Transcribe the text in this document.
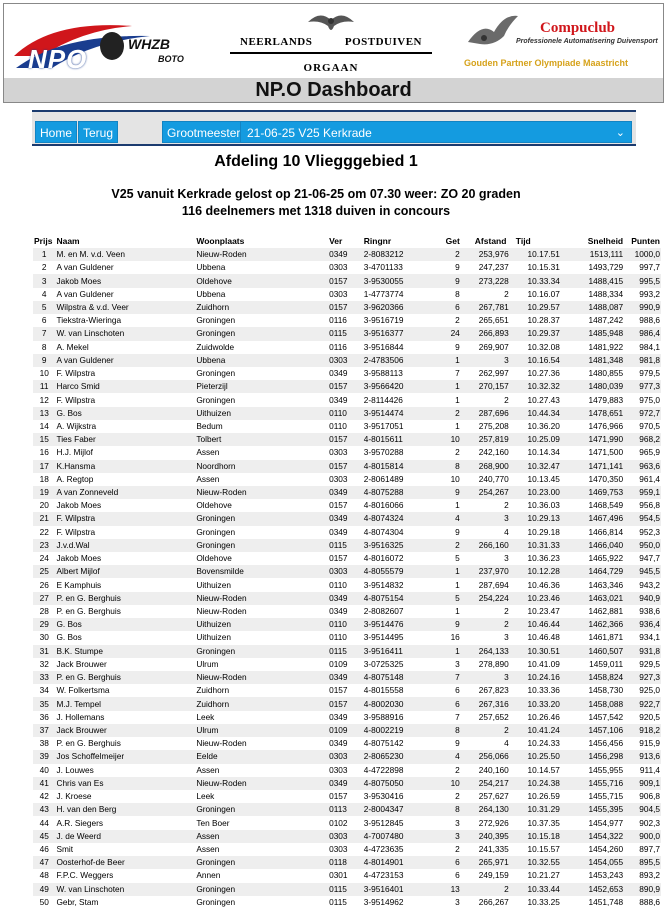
NPO	WHZB
BOTO
NEERLANDS	POSTDUIVEN
ORGAAN
Compuclub
Professionele Automatisering Duivensport
Gouden Partner Olympiade Maastricht
NP.O Dashboard
Home Terug	Grootmeester 21-06-25 V25 Kerkrade	⌄
Afdeling 10 Vliegggebied 1
V25 vanuit Kerkrade gelost op 21-06-25 om 07.30 weer: ZO 20 graden
116 deelnemers met 1318 duiven in concours
Prijs	Naam	Woonplaats	Ver	Ringnr	Get	Afstand	Tijd	Snelheid	Punten
1	M. en M. v.d. Veen	Nieuw-Roden	0349	2-8083212	2	253,976	10.17.51	1513,111	1000,0
2	A van Guldener	Ubbena	0303	3-4701133	9	247,237	10.15.31	1493,729	997,7
3	Jakob Moes	Oldehove	0157	3-9530055	9	273,228	10.33.34	1488,415	995,5
4	A van Guldener	Ubbena	0303	1-4773774	8	2	10.16.07	1488,334	993,2
5	Wilpstra & v.d. Veer	Zuidhorn	0157	3-9620366	6	267,781	10.29.57	1488,087	990,9
6	Tiekstra-Wieringa	Groningen	0116	3-9516719	2	265,651	10.28.37	1487,242	988,6
7	W. van Linschoten	Groningen	0115	3-9516377	24	266,893	10.29.37	1485,948	986,4
8	A. Mekel	Zuidwolde	0116	3-9516844	9	269,907	10.32.08	1481,922	984,1
9	A van Guldener	Ubbena	0303	2-4783506	1	3	10.16.54	1481,348	981,8
10	F. Wilpstra	Groningen	0349	3-9588113	7	262,997	10.27.36	1480,855	979,5
11	Harco Smid	Pieterzijl	0157	3-9566420	1	270,157	10.32.32	1480,039	977,3
12	F. Wilpstra	Groningen	0349	2-8114426	1	2	10.27.43	1479,883	975,0
13	G. Bos	Uithuizen	0110	3-9514474	2	287,696	10.44.34	1478,651	972,7
14	A. Wijkstra	Bedum	0110	3-9517051	1	275,208	10.36.20	1476,966	970,5
15	Ties Faber	Tolbert	0157	4-8015611	10	257,819	10.25.09	1471,990	968,2
16	H.J. Mijlof	Assen	0303	3-9570288	2	242,160	10.14.34	1471,500	965,9
17	K.Hansma	Noordhorn	0157	4-8015814	8	268,900	10.32.47	1471,141	963,6
18	A. Regtop	Assen	0303	2-8061489	10	240,770	10.13.45	1470,350	961,4
19	A van Zonneveld	Nieuw-Roden	0349	4-8075288	9	254,267	10.23.00	1469,753	959,1
20	Jakob Moes	Oldehove	0157	4-8016066	1	2	10.36.03	1468,549	956,8
21	F. Wilpstra	Groningen	0349	4-8074324	4	3	10.29.13	1467,496	954,5
22	F. Wilpstra	Groningen	0349	4-8074304	9	4	10.29.18	1466,814	952,3
23	J.v.d.Wal	Groningen	0115	3-9516325	2	266,160	10.31.33	1466,040	950,0
24	Jakob Moes	Oldehove	0157	4-8016072	5	3	10.36.23	1465,922	947,7
25	Albert Mijlof	Bovensmilde	0303	4-8055579	1	237,970	10.12.28	1464,729	945,5
26	E Kamphuis	Uithuizen	0110	3-9514832	1	287,694	10.46.36	1463,346	943,2
27	P. en G. Berghuis	Nieuw-Roden	0349	4-8075154	5	254,224	10.23.46	1463,021	940,9
28	P. en G. Berghuis	Nieuw-Roden	0349	2-8082607	1	2	10.23.47	1462,881	938,6
29	G. Bos	Uithuizen	0110	3-9514476	9	2	10.46.44	1462,366	936,4
30	G. Bos	Uithuizen	0110	3-9514495	16	3	10.46.48	1461,871	934,1
31	B.K. Stumpe	Groningen	0115	3-9516411	1	264,133	10.30.51	1460,507	931,8
32	Jack Brouwer	Ulrum	0109	3-0725325	3	278,890	10.41.09	1459,011	929,5
33	P. en G. Berghuis	Nieuw-Roden	0349	4-8075148	7	3	10.24.16	1458,824	927,3
34	W. Folkertsma	Zuidhorn	0157	4-8015558	6	267,823	10.33.36	1458,730	925,0
35	M.J. Tempel	Zuidhorn	0157	4-8002030	6	267,316	10.33.20	1458,088	922,7
36	J. Hollemans	Leek	0349	3-9588916	7	257,652	10.26.46	1457,542	920,5
37	Jack Brouwer	Ulrum	0109	4-8002219	8	2	10.41.24	1457,106	918,2
38	P. en G. Berghuis	Nieuw-Roden	0349	4-8075142	9	4	10.24.33	1456,456	915,9
39	Jos Schoffelmeijer	Eelde	0303	2-8065230	4	256,066	10.25.50	1456,298	913,6
40	J. Louwes	Assen	0303	4-4722898	2	240,160	10.14.57	1455,955	911,4
41	Chris van Es	Nieuw-Roden	0349	4-8075050	10	254,217	10.24.38	1455,716	909,1
42	J. Kroese	Leek	0157	3-9530416	2	257,627	10.26.59	1455,715	906,8
43	H. van den Berg	Groningen	0113	2-8004347	8	264,130	10.31.29	1455,395	904,5
44	A.R. Siegers	Ten Boer	0102	3-9512845	3	272,926	10.37.35	1454,977	902,3
45	J. de Weerd	Assen	0303	4-7007480	3	240,395	10.15.18	1454,322	900,0
46	Smit	Assen	0303	4-4723635	2	241,335	10.15.57	1454,260	897,7
47	Oosterhof-de Beer	Groningen	0118	4-8014901	6	265,971	10.32.55	1454,055	895,5
48	F.P.C. Weggers	Annen	0301	4-4723153	6	249,159	10.21.27	1453,243	893,2
49	W. van Linschoten	Groningen	0115	3-9516401	13	2	10.33.44	1452,653	890,9
50	Gebr, Stam	Groningen	0115	3-9514962	3	266,267	10.33.25	1451,748	888,6
